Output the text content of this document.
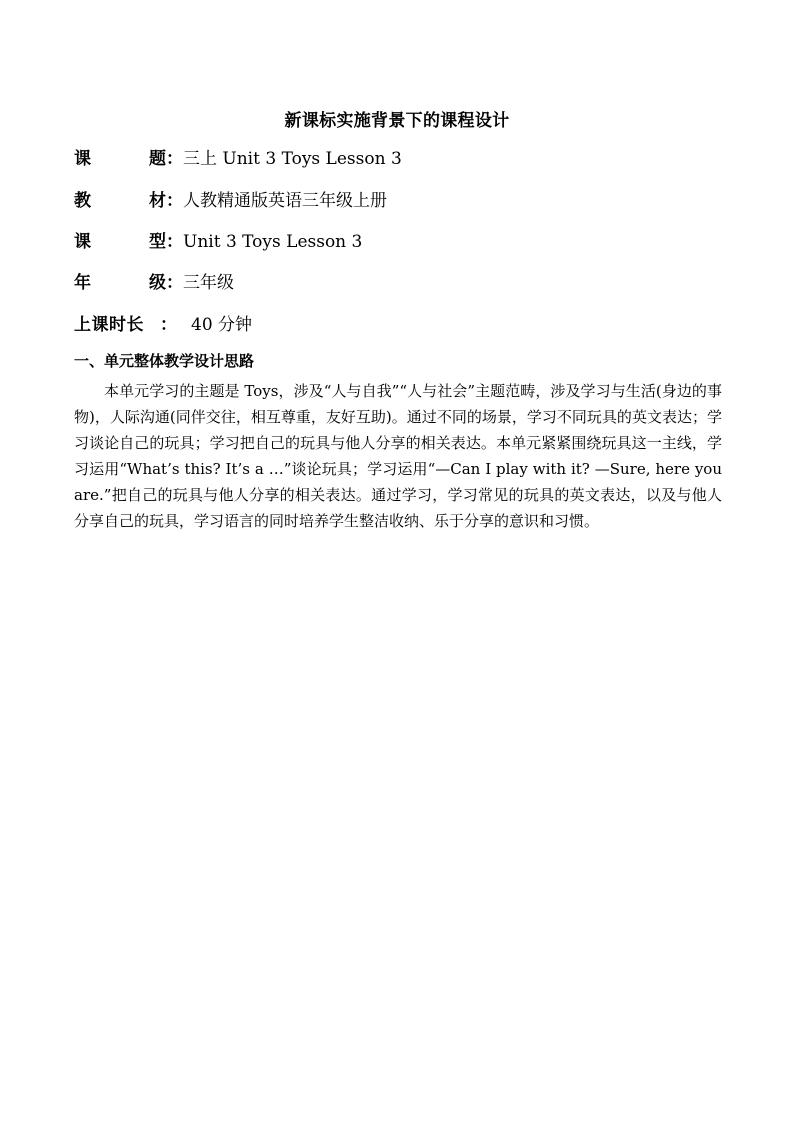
新课标实施背景下的课程设计
课题：三上 Unit 3 Toys Lesson 3
教材：人教精通版英语三年级上册
课型：Unit 3 Toys Lesson 3
年级：三年级
上课时长 ： 40 分钟
一、单元整体教学设计思路
本单元学习的主题是 Toys，涉及“人与自我”“人与社会”主题范畴，涉及学习与生活(身边的事物)，人际沟通(同伴交往，相互尊重，友好互助)。通过不同的场景，学习不同玩具的英文表达；学习谈论自己的玩具；学习把自己的玩具与他人分享的相关表达。本单元紧紧围绕玩具这一主线，学习运用“What’s this? It’s a …”谈论玩具；学习运用“—Can I play with it? —Sure, here you are.”把自己的玩具与他人分享的相关表达。通过学习，学习常见的玩具的英文表达，以及与他人分享自己的玩具，学习语言的同时培养学生整洁收纳、乐于分享的意识和习惯。
